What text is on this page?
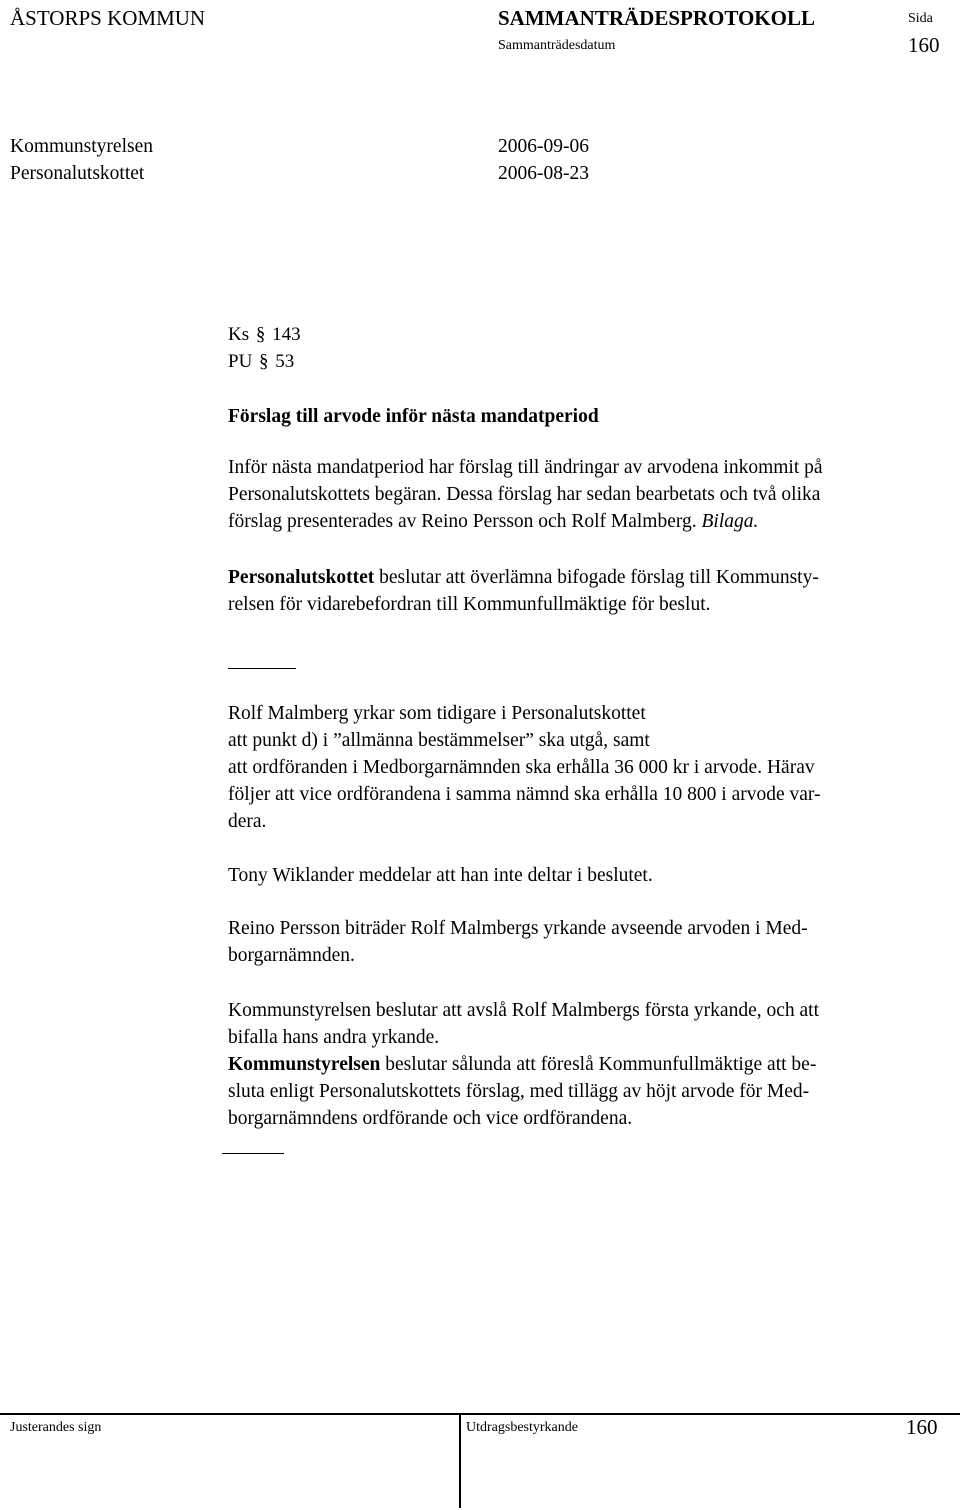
ÅSTORPS KOMMUN	SAMMANTRÄDESPROTOKOLL	Sida
Sammanträdesdatum	160
Kommunstyrelsen	2006-09-06
Personalutskottet	2006-08-23
Ks § 143
PU § 53
Förslag till arvode inför nästa mandatperiod

Inför nästa mandatperiod har förslag till ändringar av arvodena inkommit på

Personalutskottets begäran. Dessa förslag har sedan bearbetats och två olika

förslag presenterades av Reino Persson och Rolf Malmberg. Bilaga.

Personalutskottet beslutar att överlämna bifogade förslag till Kommunsty-

relsen för vidarebefordran till Kommunfullmäktige för beslut.

Rolf Malmberg yrkar som tidigare i Personalutskottet

att punkt d) i ”allmänna bestämmelser” ska utgå, samt

att ordföranden i Medborgarnämnden ska erhålla 36 000 kr i arvode. Härav

följer att vice ordförandena i samma nämnd ska erhålla 10 800 i arvode var-

dera.

Tony Wiklander meddelar att han inte deltar i beslutet.

Reino Persson biträder Rolf Malmbergs yrkande avseende arvoden i Med-

borgarnämnden.

Kommunstyrelsen beslutar att avslå Rolf Malmbergs första yrkande, och att

bifalla hans andra yrkande.

Kommunstyrelsen beslutar sålunda att föreslå Kommunfullmäktige att be-

sluta enligt Personalutskottets förslag, med tillägg av höjt arvode för Med-

borgarnämndens ordförande och vice ordförandena.

Justerandes sign	Utdragsbestyrkande	160
